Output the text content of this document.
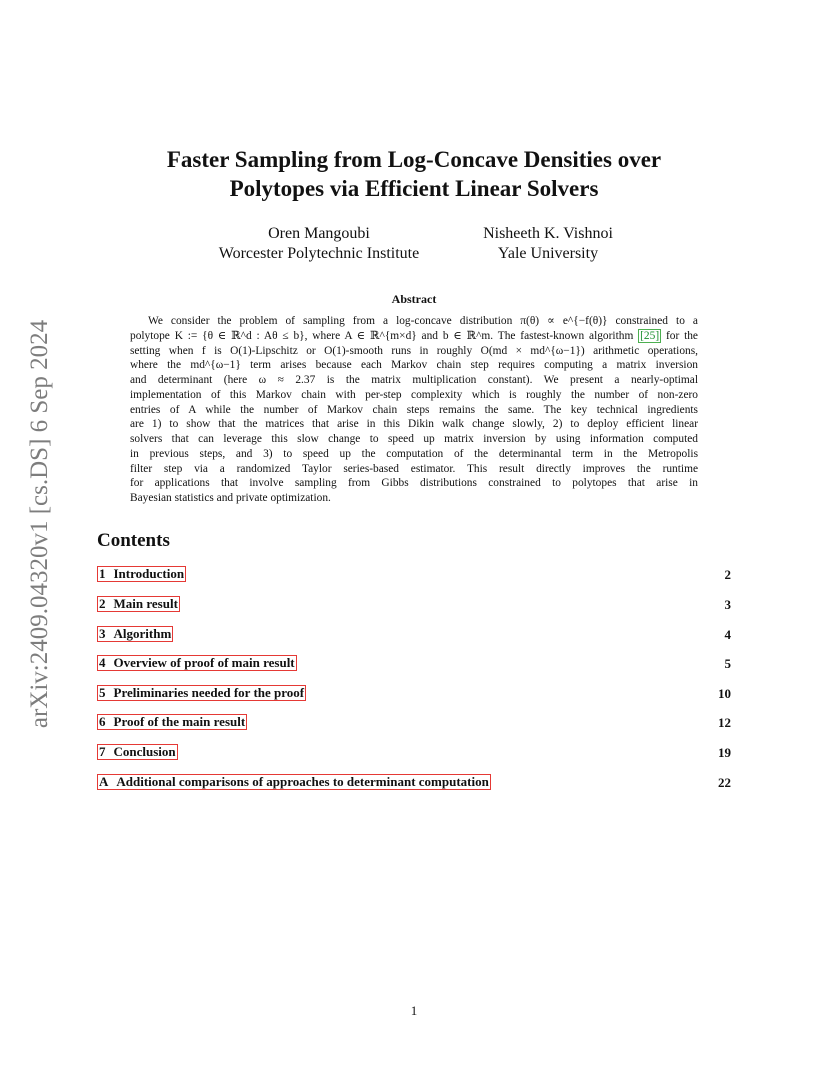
arXiv:2409.04320v1 [cs.DS] 6 Sep 2024
Faster Sampling from Log-Concave Densities over
Polytopes via Efficient Linear Solvers
Oren Mangoubi
Worcester Polytechnic Institute
Nisheeth K. Vishnoi
Yale University
Abstract
We consider the problem of sampling from a log-concave distribution π(θ) ∝ e^{−f(θ)} constrained to a
polytope K := {θ ∈ ℝ^d : Aθ ≤ b}, where A ∈ ℝ^{m×d} and b ∈ ℝ^m. The fastest-known algorithm [25] for the
setting when f is O(1)-Lipschitz or O(1)-smooth runs in roughly O(md × md^{ω−1}) arithmetic operations,
where the md^{ω−1} term arises because each Markov chain step requires computing a matrix inversion
and determinant (here ω ≈ 2.37 is the matrix multiplication constant). We present a nearly-optimal
implementation of this Markov chain with per-step complexity which is roughly the number of non-zero
entries of A while the number of Markov chain steps remains the same. The key technical ingredients
are 1) to show that the matrices that arise in this Dikin walk change slowly, 2) to deploy efficient linear
solvers that can leverage this slow change to speed up matrix inversion by using information computed
in previous steps, and 3) to speed up the computation of the determinantal term in the Metropolis
filter step via a randomized Taylor series-based estimator. This result directly improves the runtime
for applications that involve sampling from Gibbs distributions constrained to polytopes that arise in
Bayesian statistics and private optimization.
Contents
1 Introduction	2
2 Main result	3
3 Algorithm	4
4 Overview of proof of main result	5
5 Preliminaries needed for the proof	10
6 Proof of the main result	12
7 Conclusion	19
A Additional comparisons of approaches to determinant computation	22
1
